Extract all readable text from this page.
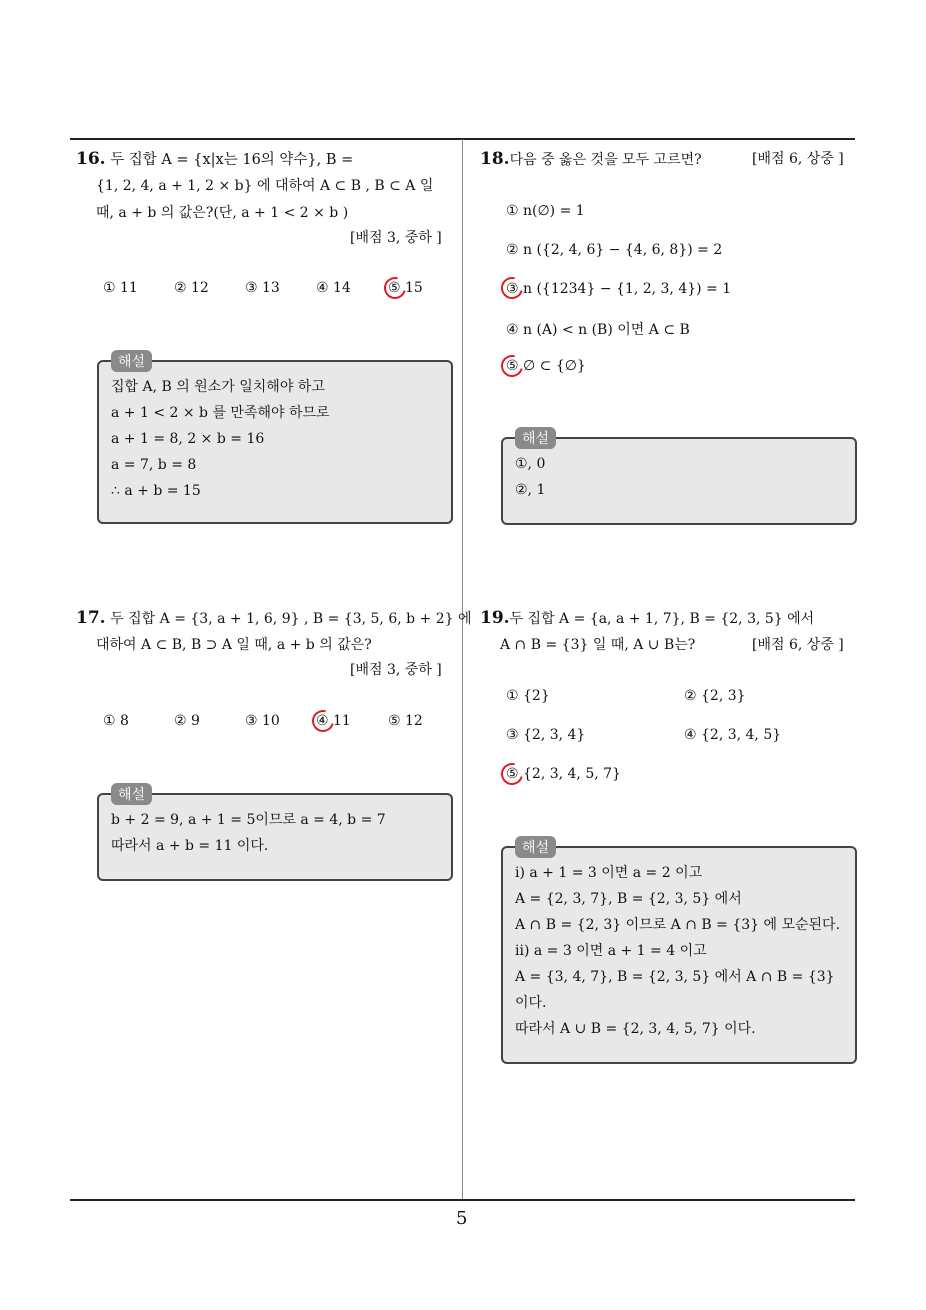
16. 두 집합 A = {x|x는 16의 약수}, B =
{1, 2, 4, a + 1, 2 × b} 에 대하여 A ⊂ B , B ⊂ A 일
때, a + b 의 값은?(단, a + 1 < 2 × b )
[배점 3, 중하 ]
① 11	② 12	③ 13	④ 14	⑤ 15
해설
집합 A, B 의 원소가 일치해야 하고
a + 1 < 2 × b 를 만족해야 하므로
a + 1 = 8, 2 × b = 16
a = 7, b = 8
∴ a + b = 15
17. 두 집합 A = {3, a + 1, 6, 9} , B = {3, 5, 6, b + 2} 에
대하여 A ⊂ B, B ⊃ A 일 때, a + b 의 값은?
[배점 3, 중하 ]
① 8	② 9	③ 10	④ 11	⑤ 12
해설
b + 2 = 9, a + 1 = 5이므로 a = 4, b = 7
따라서 a + b = 11 이다.
18.다음 중 옳은 것을 모두 고르면?	[배점 6, 상중 ]
① n(∅) = 1
② n ({2, 4, 6} − {4, 6, 8}) = 2
③ n ({1234} − {1, 2, 3, 4}) = 1
④ n (A) < n (B) 이면 A ⊂ B
⑤ ∅ ⊂ {∅}
해설
①, 0
②, 1
19.두 집합 A = {a, a + 1, 7}, B = {2, 3, 5} 에서
A ∩ B = {3} 일 때, A ∪ B는?	[배점 6, 상중 ]
① {2}	② {2, 3}
③ {2, 3, 4}	④ {2, 3, 4, 5}
⑤ {2, 3, 4, 5, 7}
해설
ⅰ) a + 1 = 3 이면 a = 2 이고
A = {2, 3, 7}, B = {2, 3, 5} 에서
A ∩ B = {2, 3} 이므로 A ∩ B = {3} 에 모순된다.
ⅱ) a = 3 이면 a + 1 = 4 이고
A = {3, 4, 7}, B = {2, 3, 5} 에서 A ∩ B = {3}
이다.
따라서 A ∪ B = {2, 3, 4, 5, 7} 이다.
5
